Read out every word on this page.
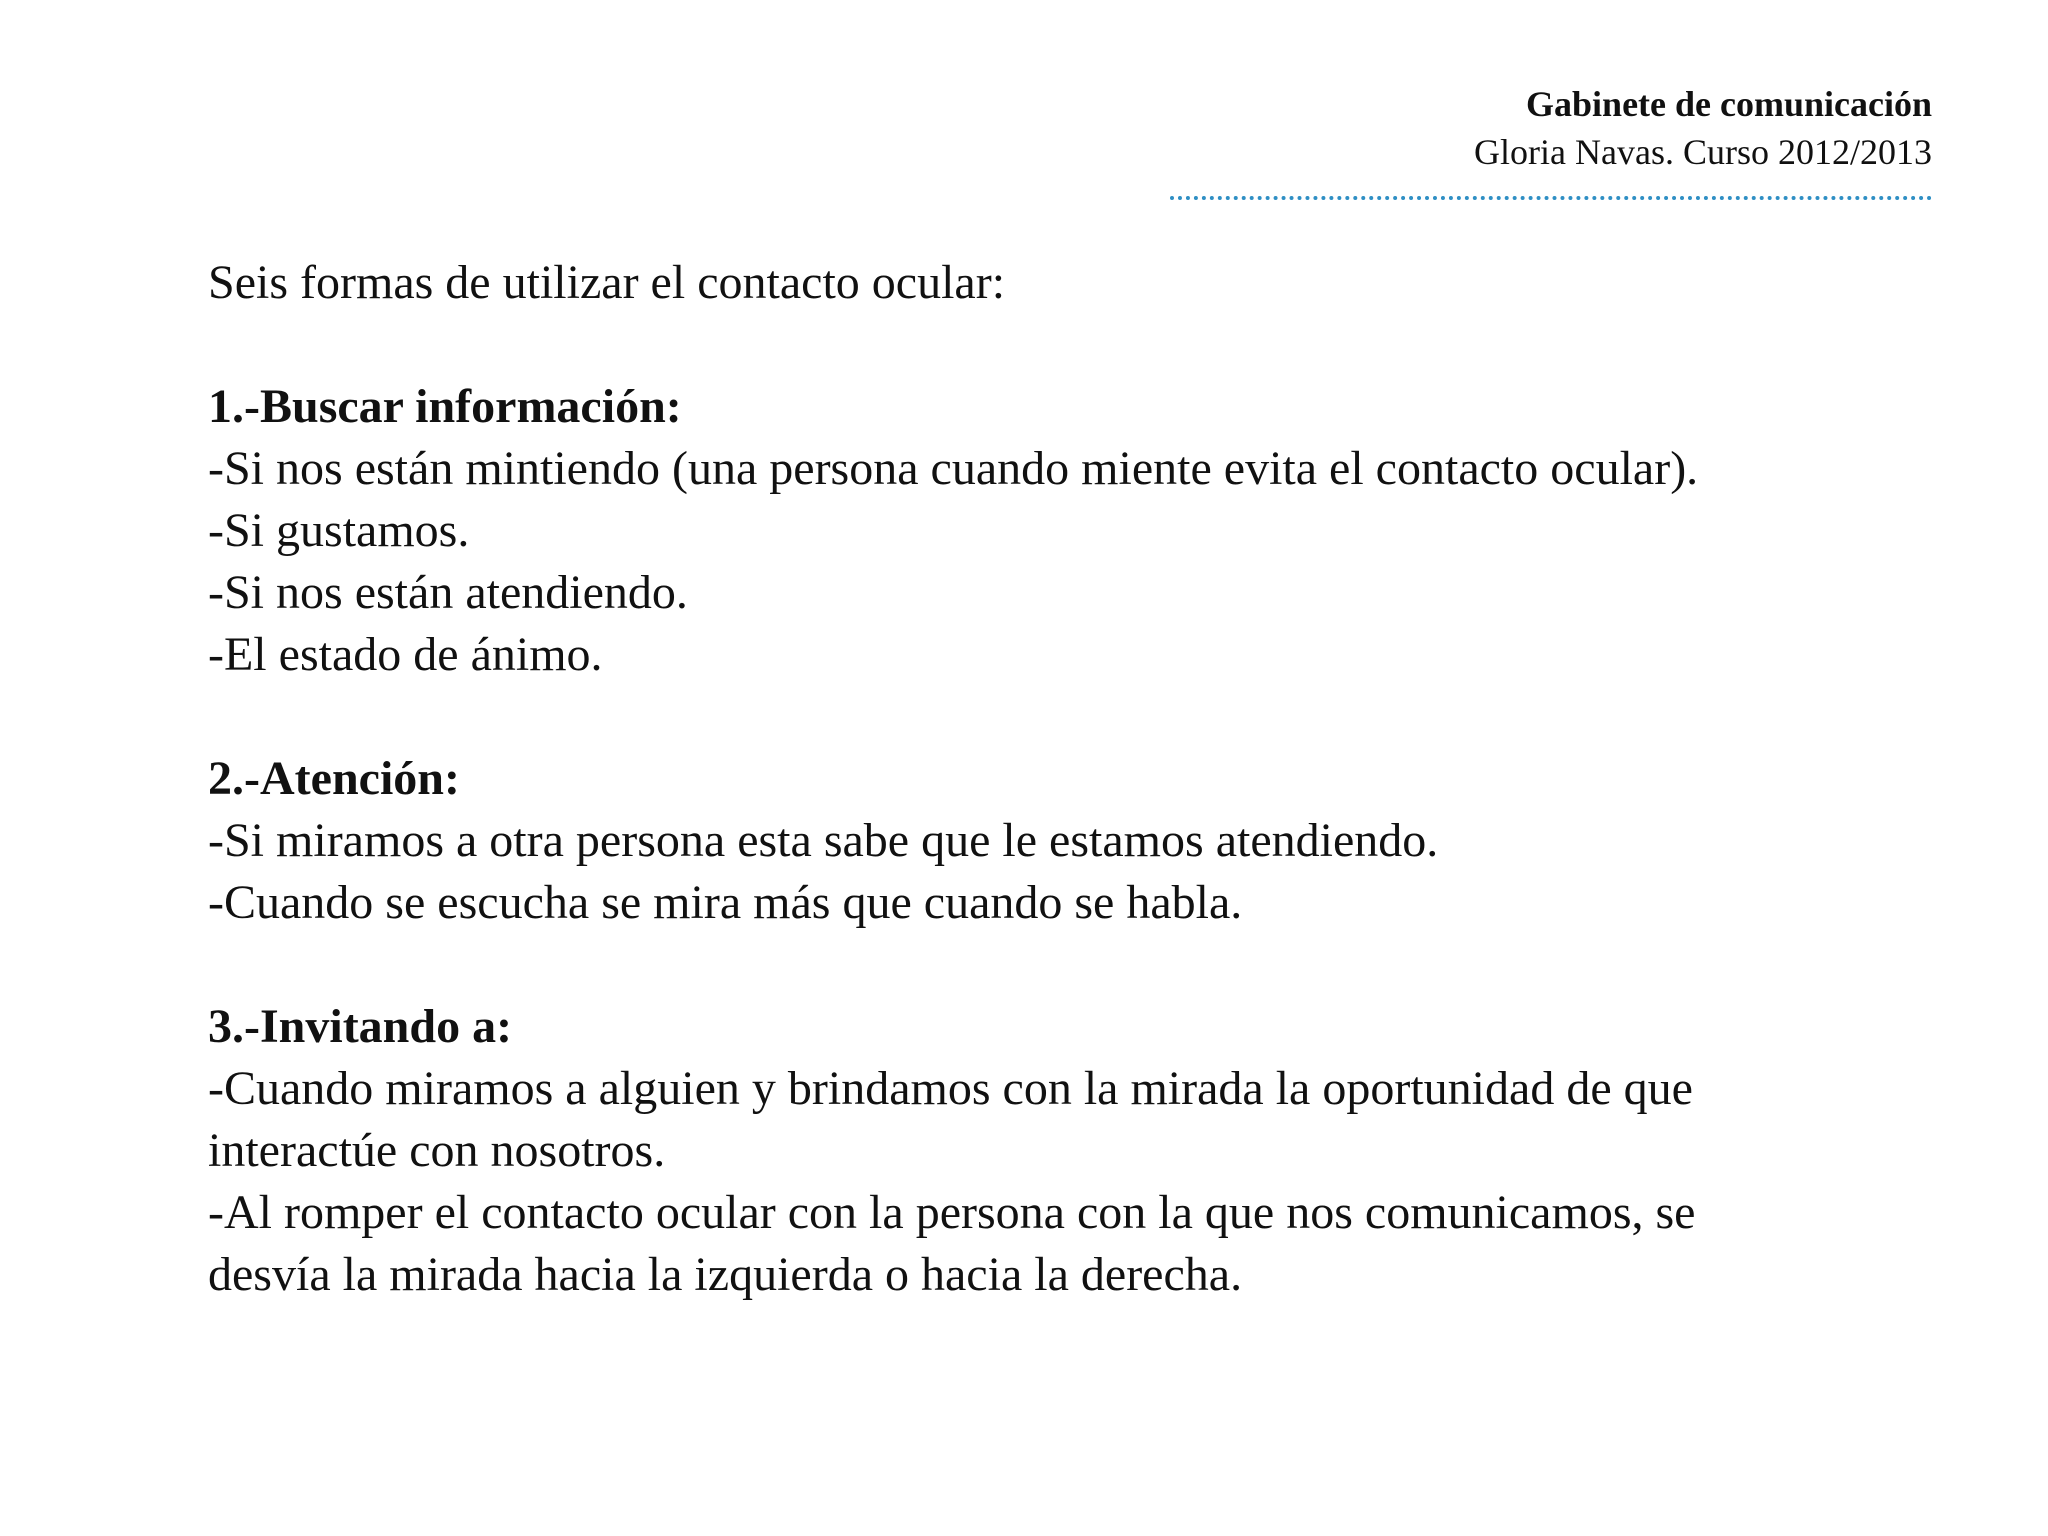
Gabinete de comunicación
Gloria Navas. Curso 2012/2013
Seis formas de utilizar el contacto ocular:
1.-Buscar información:
-Si nos están mintiendo (una persona cuando miente evita el contacto ocular).
-Si gustamos.
-Si nos están atendiendo.
-El estado de ánimo.
2.-Atención:
-Si miramos a otra persona esta sabe que le estamos atendiendo.
-Cuando se escucha se mira más que cuando se habla.
3.-Invitando a:
-Cuando miramos a alguien y brindamos con la mirada la oportunidad de que
interactúe con nosotros.
-Al romper el contacto ocular con la persona con la que nos comunicamos, se
desvía la mirada hacia la izquierda o hacia la derecha.
